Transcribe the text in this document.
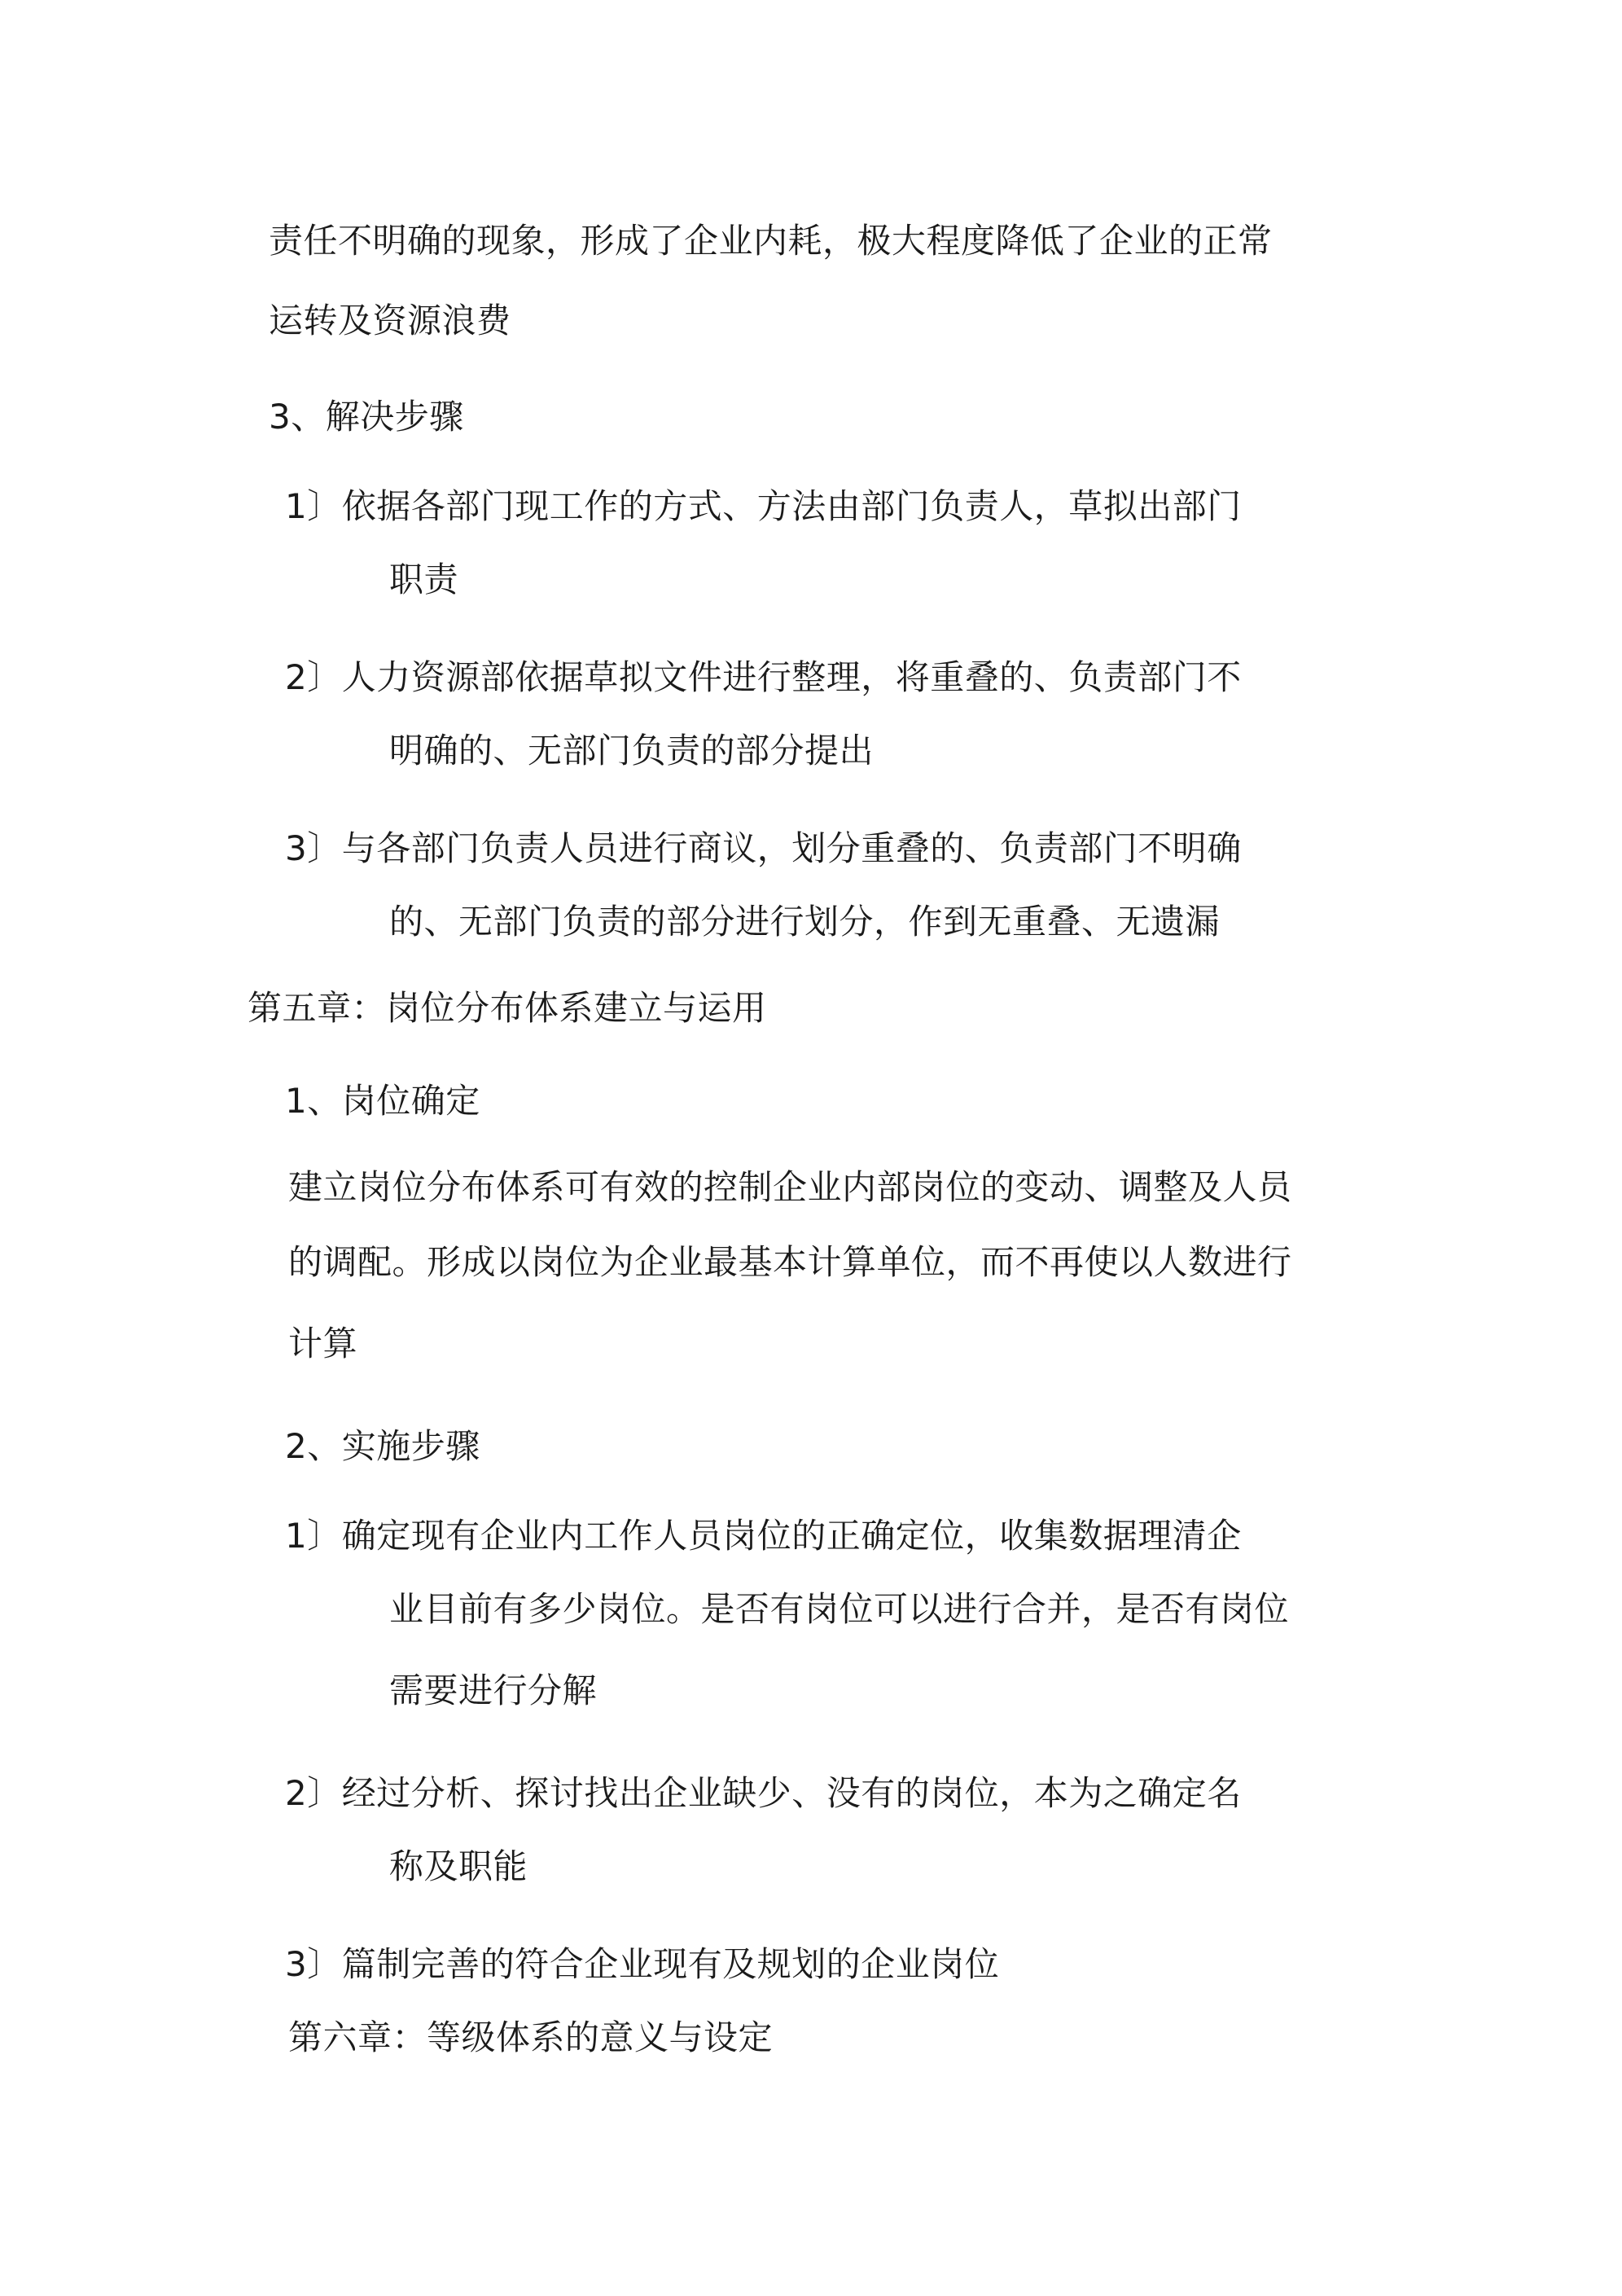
责任不明确的现象，形成了企业内耗，极大程度降低了企业的正常
运转及资源浪费
3、解决步骤
1〕依据各部门现工作的方式、方法由部门负责人，草拟出部门
职责
2〕人力资源部依据草拟文件进行整理，将重叠的、负责部门不
明确的、无部门负责的部分提出
3〕与各部门负责人员进行商议，划分重叠的、负责部门不明确
的、无部门负责的部分进行划分，作到无重叠、无遗漏
第五章：岗位分布体系建立与运用
1、岗位确定
建立岗位分布体系可有效的控制企业内部岗位的变动、调整及人员
的调配。形成以岗位为企业最基本计算单位，而不再使以人数进行
计算
2、实施步骤
1〕确定现有企业内工作人员岗位的正确定位，收集数据理清企
业目前有多少岗位。是否有岗位可以进行合并，是否有岗位
需要进行分解
2〕经过分析、探讨找出企业缺少、没有的岗位，本为之确定名
称及职能
3〕篇制完善的符合企业现有及规划的企业岗位
第六章：等级体系的意义与设定
